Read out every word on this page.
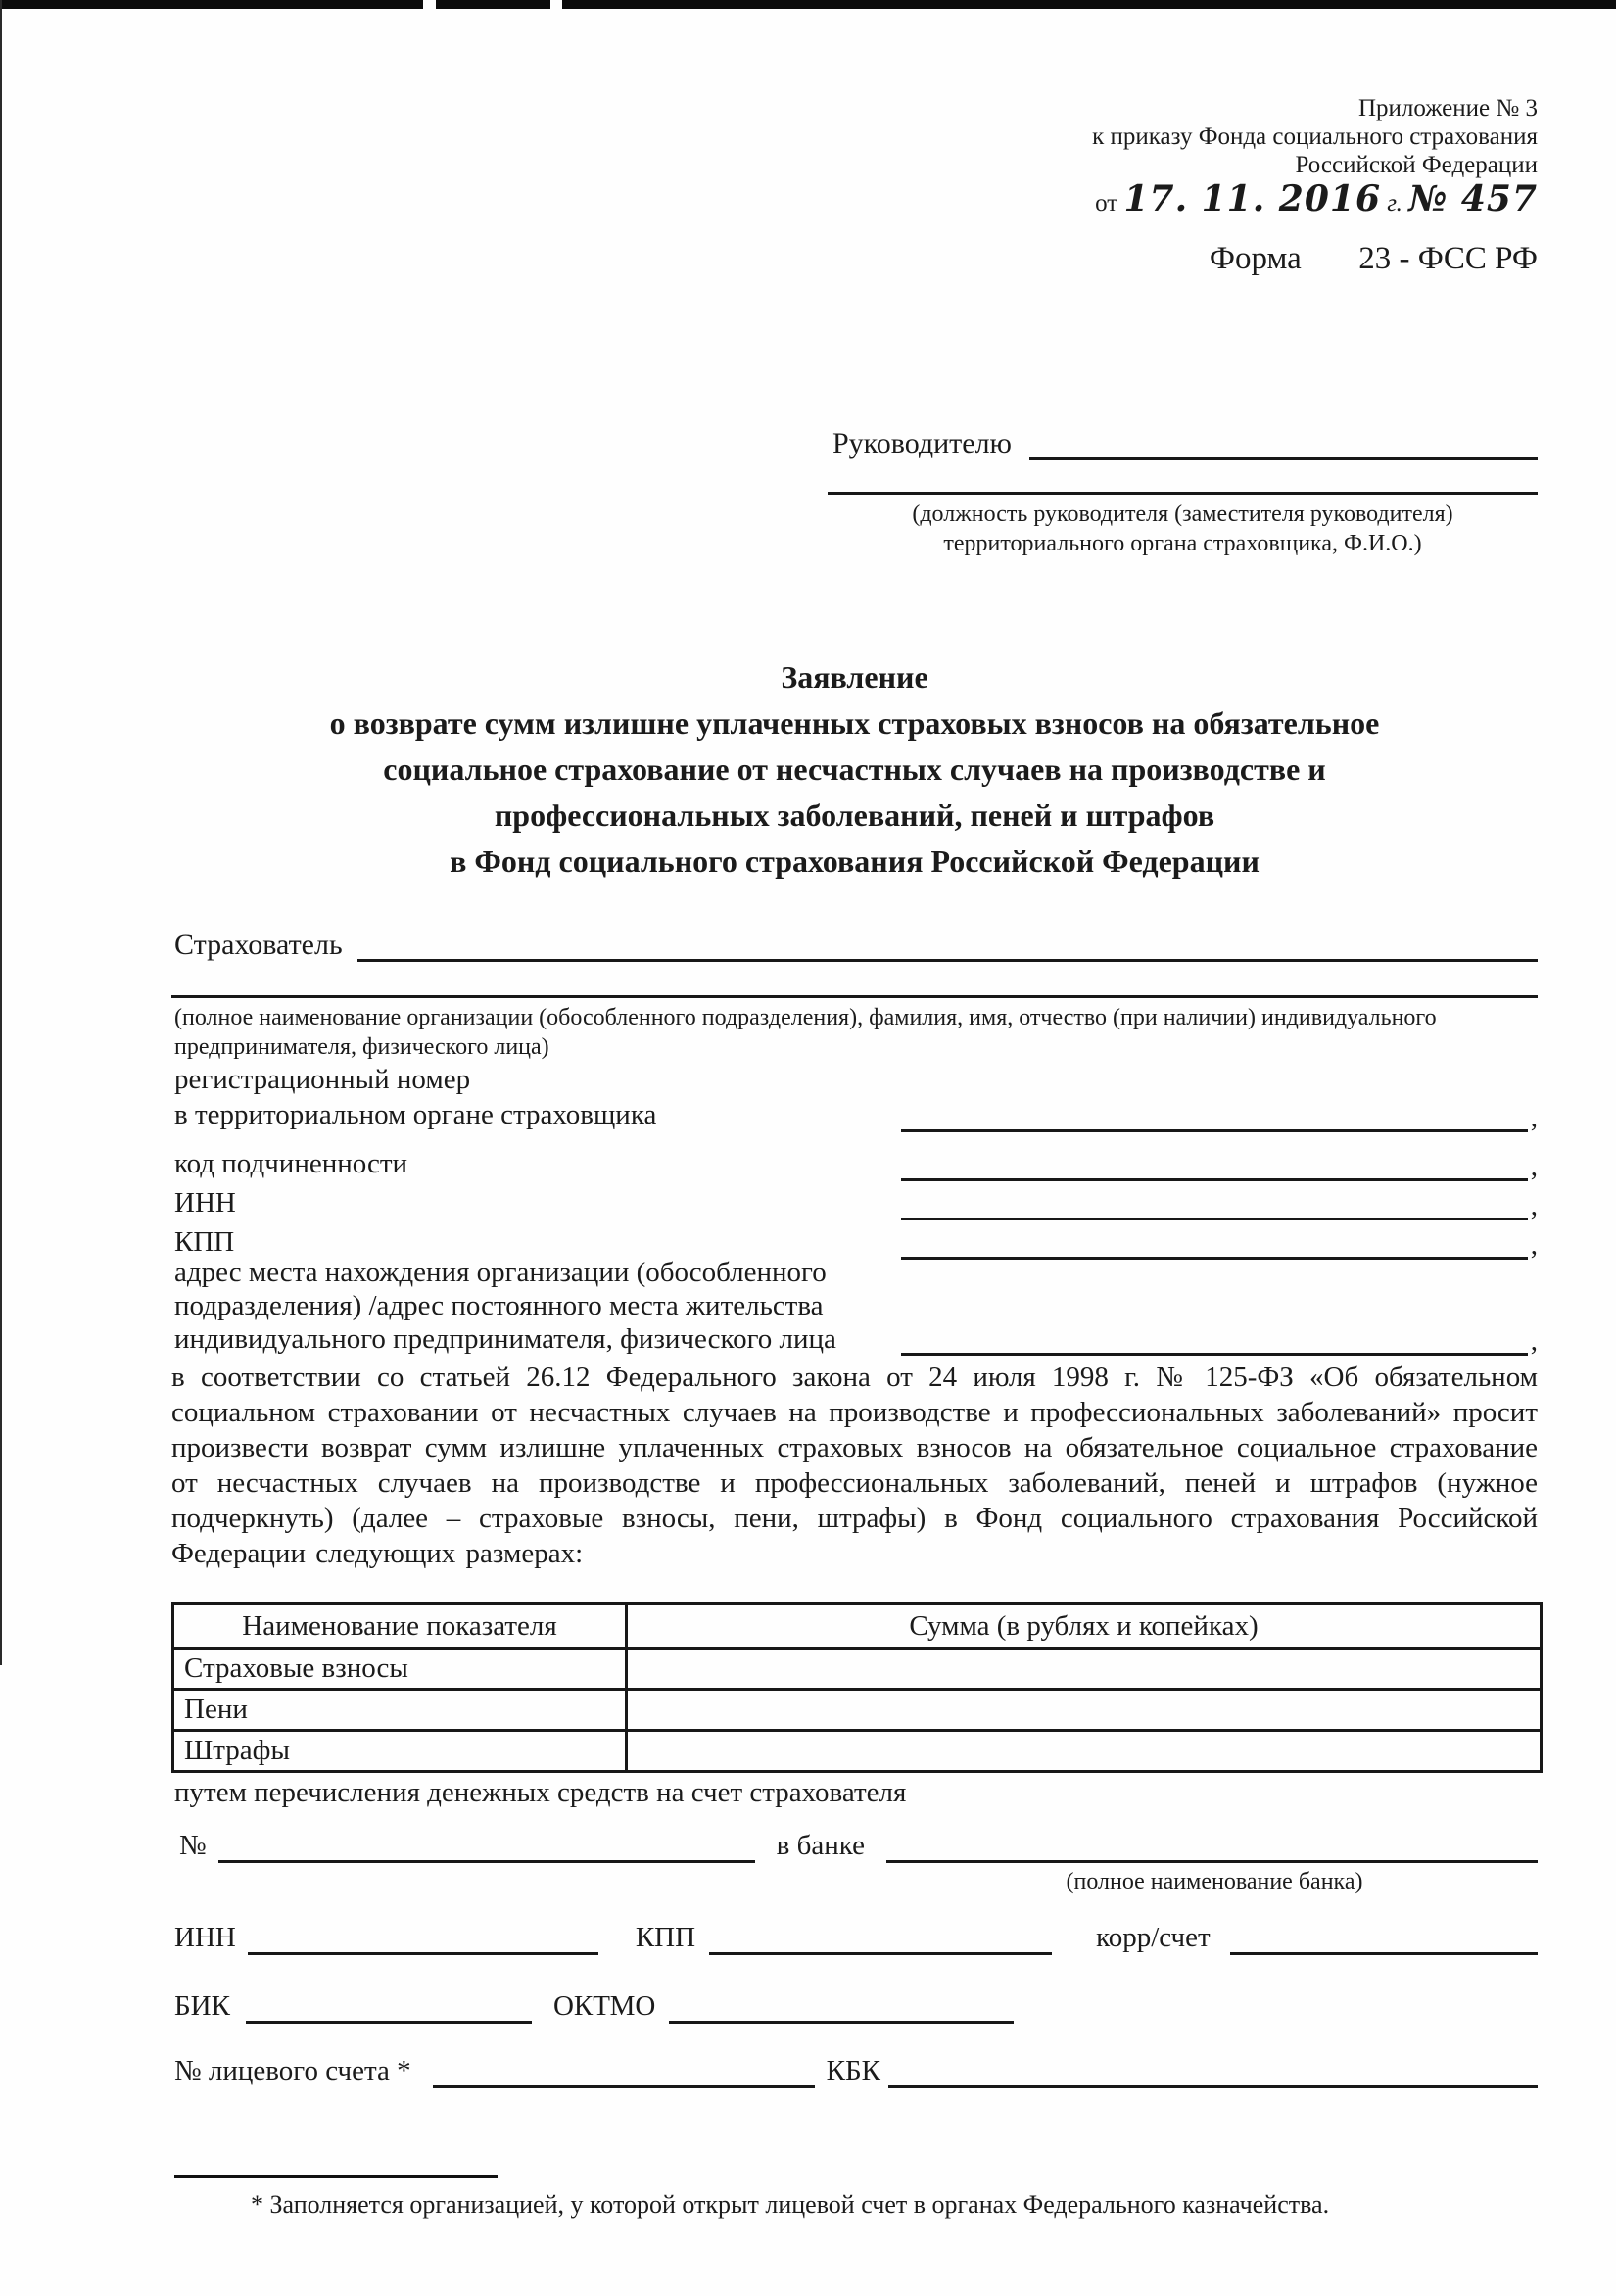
Приложение № 3
к приказу Фонда социального страхования
Российской Федерации
от 17. 11. 2016 г. № 457
Форма 23 - ФСС РФ
Руководителю
(должность руководителя (заместителя руководителя)
территориального органа страховщика, Ф.И.О.)
Заявление
о возврате сумм излишне уплаченных страховых взносов на обязательное
социальное страхование от несчастных случаев на производстве и
профессиональных заболеваний, пеней и штрафов
в Фонд социального страхования Российской Федерации
Страхователь
(полное наименование организации (обособленного подразделения), фамилия, имя, отчество (при наличии) индивидуального
предпринимателя, физического лица)
регистрационный номер
в территориальном органе страховщика	,
код подчиненности	,
ИНН	,
КПП	,
адрес места нахождения организации (обособленного
подразделения) /адрес постоянного места жительства
индивидуального предпринимателя, физического лица	,
в соответствии со статьей 26.12 Федерального закона от 24 июля 1998 г. № 125-ФЗ «Об обязательном социальном страховании от несчастных случаев на производстве и профессиональных заболеваний» просит произвести возврат сумм излишне уплаченных страховых взносов на обязательное социальное страхование от несчастных случаев на производстве и профессиональных заболеваний, пеней и штрафов (нужное подчеркнуть) (далее – страховые взносы, пени, штрафы) в Фонд социального страхования Российской Федерации следующих размерах:
Наименование показателя	Сумма (в рублях и копейках)
Страховые взносы	
Пени	
Штрафы	
путем перечисления денежных средств на счет страхователя
№	в банке
(полное наименование банка)
ИНН	КПП	корр/счет
БИК	ОКТМО
№ лицевого счета *	КБК
* Заполняется организацией, у которой открыт лицевой счет в органах Федерального казначейства.
